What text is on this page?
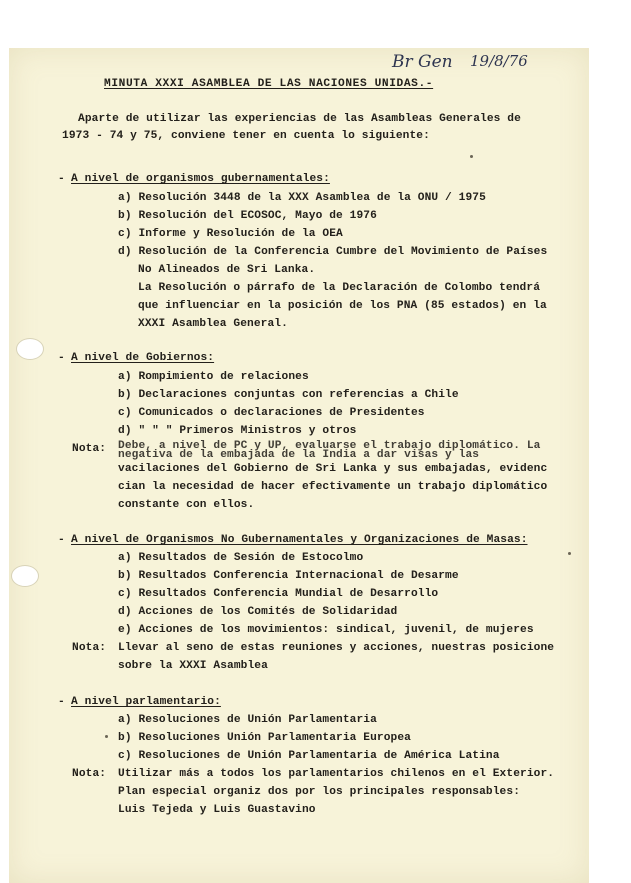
Br Gen 19/8/76
MINUTA XXXI ASAMBLEA DE LAS NACIONES UNIDAS.-
Aparte de utilizar las experiencias de las Asambleas Generales de
1973 - 74 y 75, conviene tener en cuenta lo siguiente:
- A nivel de organismos gubernamentales:
a) Resolución 3448 de la XXX Asamblea de la ONU / 1975
b) Resolución del ECOSOC, Mayo de 1976
c) Informe y Resolución de la OEA
d) Resolución de la Conferencia Cumbre del Movimiento de Países
No Alineados de Sri Lanka.
La Resolución o párrafo de la Declaración de Colombo tendrá
que influenciar en la posición de los PNA (85 estados) en la
XXXI Asamblea General.
- A nivel de Gobiernos:
a) Rompimiento de relaciones
b) Declaraciones conjuntas con referencias a Chile
c) Comunicados o declaraciones de Presidentes
d) " " " Primeros Ministros y otros
Nota: Debe, a nivel de PC y UP, evaluarse el trabajo diplomático. La
negativa de la embajada de la India a dar visas y las
vacilaciones del Gobierno de Sri Lanka y sus embajadas, evidenc
cian la necesidad de hacer efectivamente un trabajo diplomático
constante con ellos.
- A nivel de Organismos No Gubernamentales y Organizaciones de Masas:
a) Resultados de Sesión de Estocolmo
b) Resultados Conferencia Internacional de Desarme
c) Resultados Conferencia Mundial de Desarrollo
d) Acciones de los Comités de Solidaridad
e) Acciones de los movimientos: sindical, juvenil, de mujeres
Nota: Llevar al seno de estas reuniones y acciones, nuestras posicione
sobre la XXXI Asamblea
- A nivel parlamentario:
a) Resoluciones de Unión Parlamentaria
b) Resoluciones Unión Parlamentaria Europea
c) Resoluciones de Unión Parlamentaria de América Latina
Nota: Utilizar más a todos los parlamentarios chilenos en el Exterior.
Plan especial organiz dos por los principales responsables:
Luis Tejeda y Luis Guastavino
